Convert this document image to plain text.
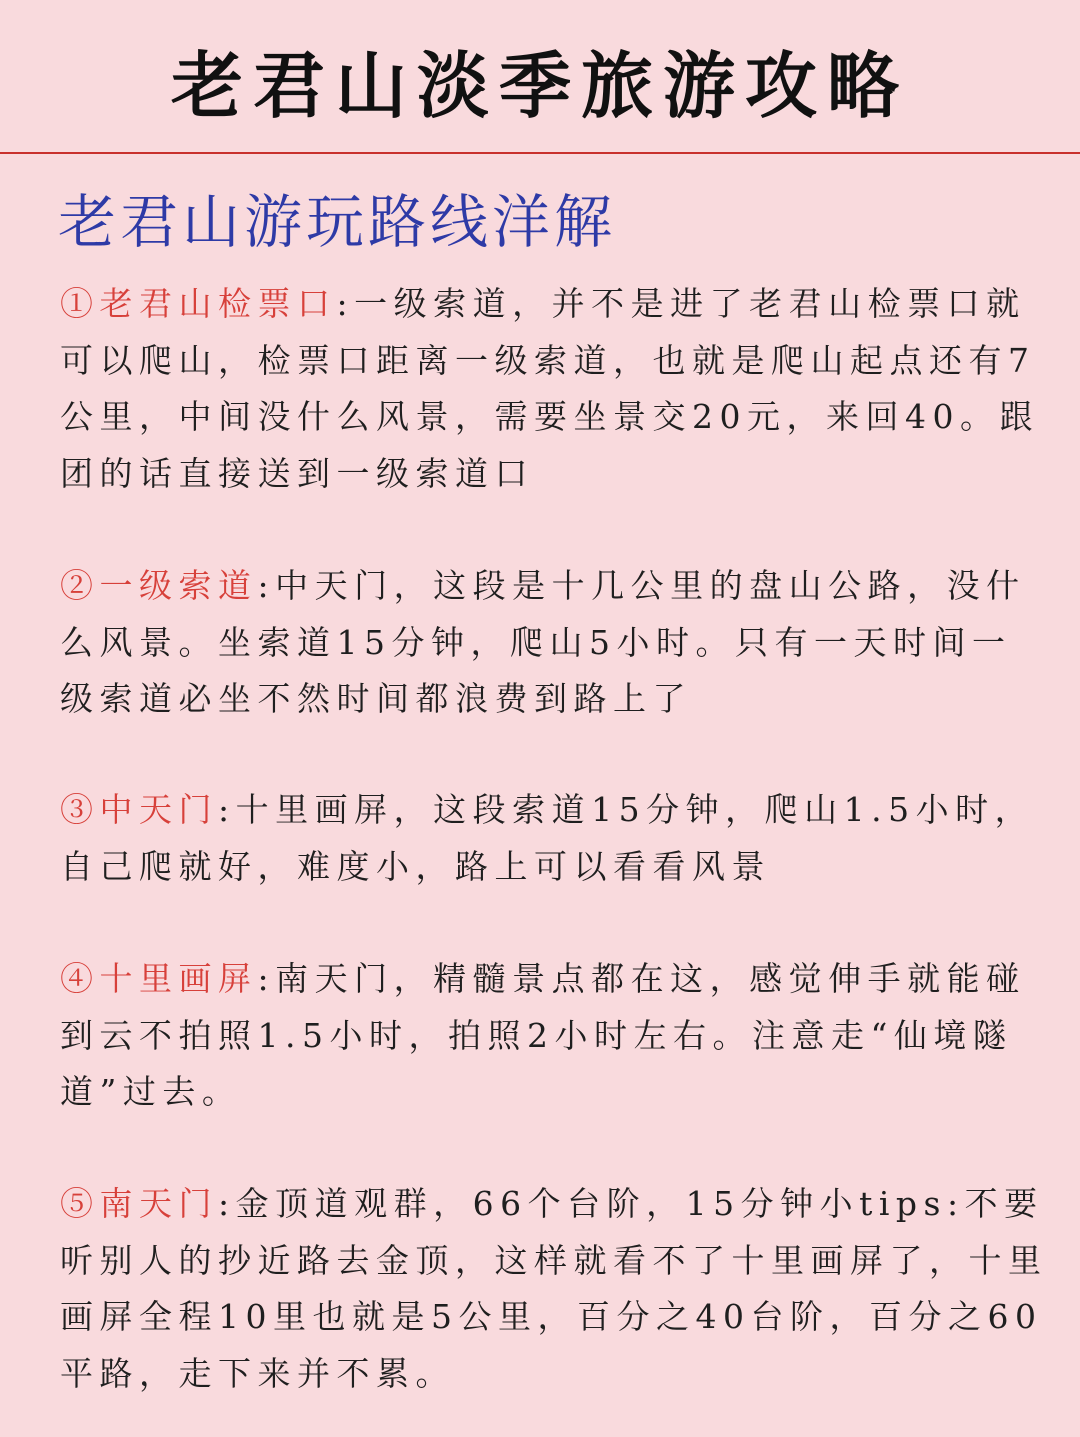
老君山淡季旅游攻略
老君山游玩路线洋解

①老君山检票口:一级索道，并不是进了老君山检票口就可以爬山，检票口距离一级索道，也就是爬山起点还有7公里，中间没什么风景，需要坐景交20元，来回40。跟团的话直接送到一级索道口

②一级索道:中天门，这段是十几公里的盘山公路，没什么风景。坐索道15分钟，爬山5小时。只有一天时间一级索道必坐不然时间都浪费到路上了

③中天门:十里画屏，这段索道15分钟，爬山1.5小时，自己爬就好，难度小，路上可以看看风景

④十里画屏:南天门，精髓景点都在这，感觉伸手就能碰到云不拍照1.5小时，拍照2小时左右。注意走“仙境隧道”过去。

⑤南天门:金顶道观群，66个台阶，15分钟小tips:不要听别人的抄近路去金顶，这样就看不了十里画屏了，十里画屏全程10里也就是5公里，百分之40台阶，百分之60平路，走下来并不累。
